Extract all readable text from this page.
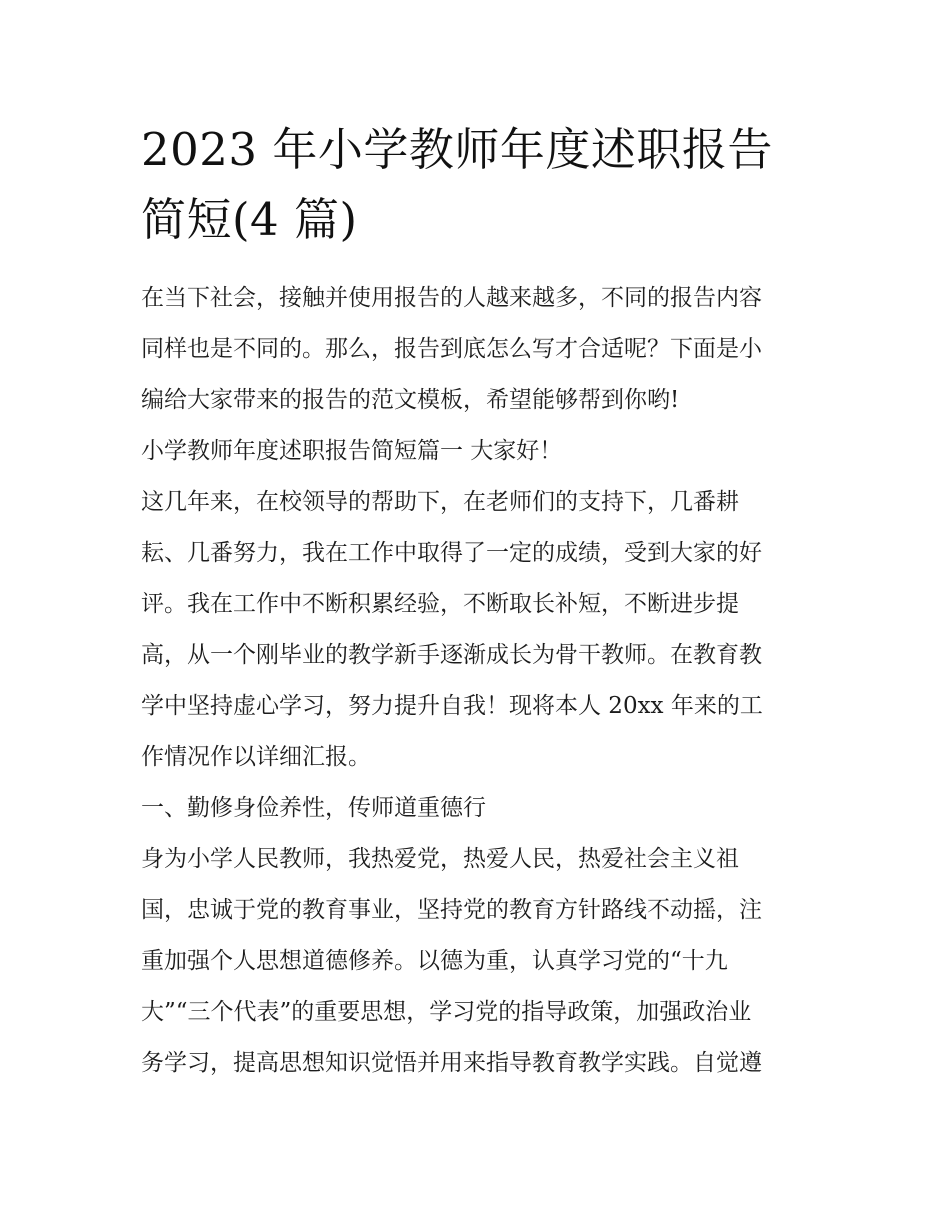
2023 年小学教师年度述职报告
简短(4 篇)
在当下社会，接触并使用报告的人越来越多，不同的报告内容
同样也是不同的。那么，报告到底怎么写才合适呢？下面是小
编给大家带来的报告的范文模板，希望能够帮到你哟!
小学教师年度述职报告简短篇一 大家好！
这几年来，在校领导的帮助下，在老师们的支持下，几番耕
耘、几番努力，我在工作中取得了一定的成绩，受到大家的好
评。我在工作中不断积累经验，不断取长补短，不断进步提
高，从一个刚毕业的教学新手逐渐成长为骨干教师。在教育教
学中坚持虚心学习，努力提升自我！现将本人 20xx 年来的工
作情况作以详细汇报。
一、勤修身俭养性，传师道重德行
身为小学人民教师，我热爱党，热爱人民，热爱社会主义祖
国，忠诚于党的教育事业，坚持党的教育方针路线不动摇，注
重加强个人思想道德修养。以德为重，认真学习党的“十九
大”“三个代表”的重要思想，学习党的指导政策，加强政治业
务学习，提高思想知识觉悟并用来指导教育教学实践。自觉遵
